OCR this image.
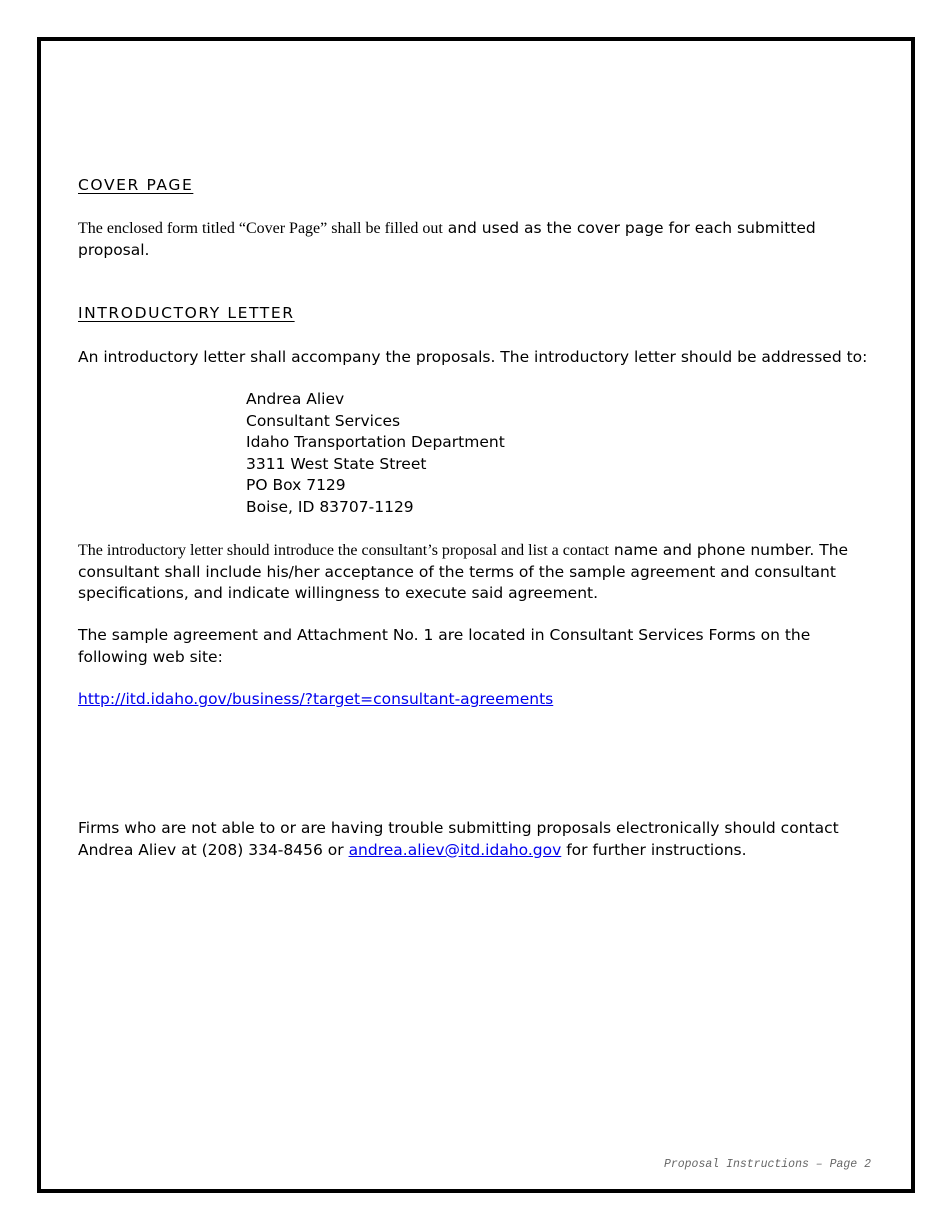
COVER PAGE

The enclosed form titled “Cover Page” shall be filled out and used as the cover page for each submitted proposal.

INTRODUCTORY LETTER

An introductory letter shall accompany the proposals. The introductory letter should be addressed to:

Andrea Aliev
Consultant Services
Idaho Transportation Department
3311 West State Street
PO Box 7129
Boise, ID 83707-1129

The introductory letter should introduce the consultant’s proposal and list a contact name and phone number. The consultant shall include his/her acceptance of the terms of the sample agreement and consultant specifications, and indicate willingness to execute said agreement.

The sample agreement and Attachment No. 1 are located in Consultant Services Forms on the following web site:

http://itd.idaho.gov/business/?target=consultant-agreements

Firms who are not able to or are having trouble submitting proposals electronically should contact Andrea Aliev at (208) 334-8456 or andrea.aliev@itd.idaho.gov for further instructions.

Proposal Instructions – Page 2
